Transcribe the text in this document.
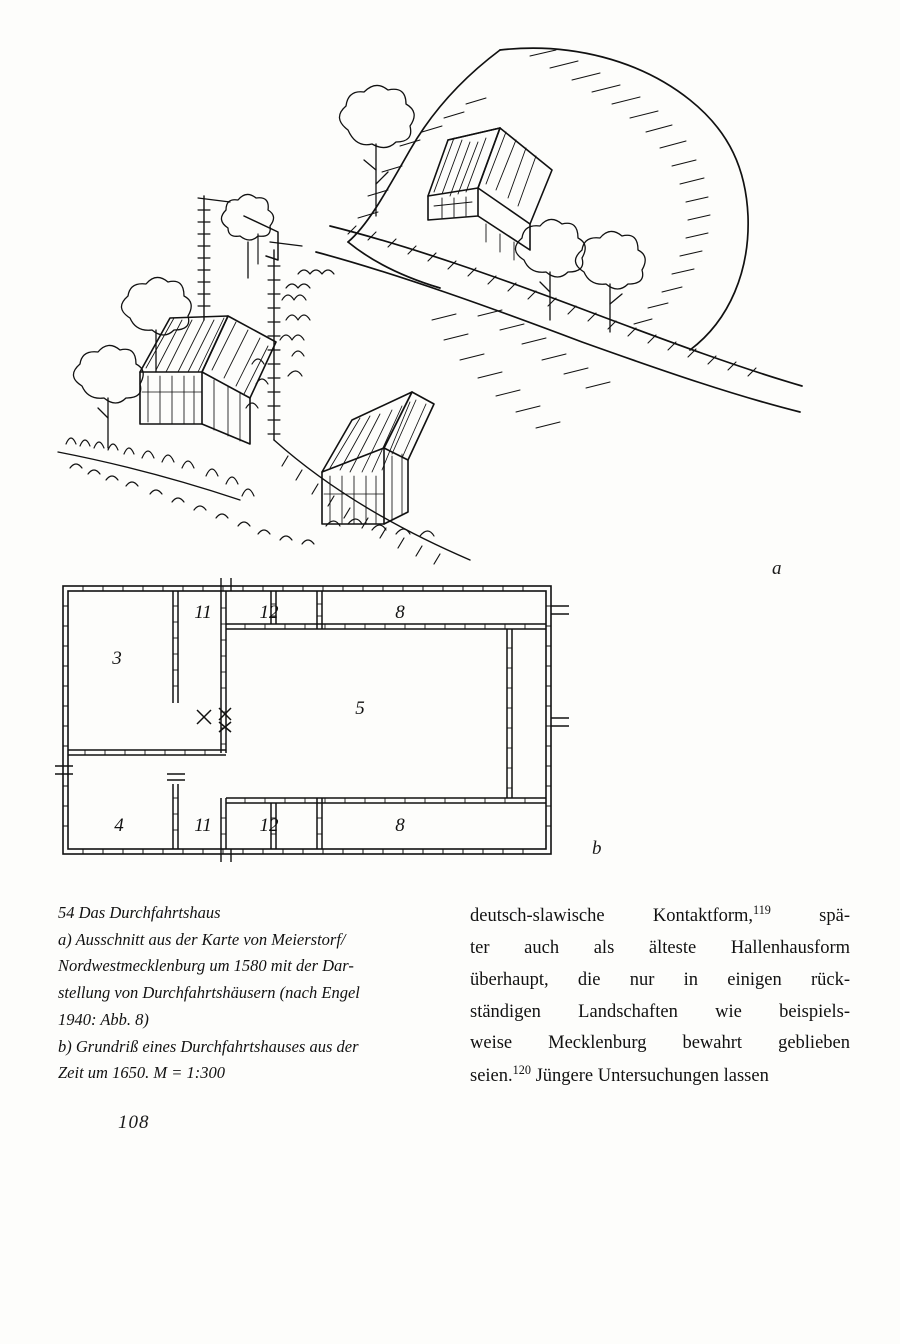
a
3
11	12	8
5
4	11	12	8
b
54 Das Durchfahrtshaus
a) Ausschnitt aus der Karte von Meierstorf/
Nordwestmecklenburg um 1580 mit der Dar-
stellung von Durchfahrtshäusern (nach Engel
1940: Abb. 8)
b) Grundriß eines Durchfahrtshauses aus der
Zeit um 1650. M = 1:300
deutsch-slawische Kontaktform,$^{119}$ spä-
ter auch als älteste Hallenhausform
überhaupt, die nur in einigen rück-
ständigen Landschaften wie beispiels-
weise Mecklenburg bewahrt geblieben
seien.$^{120}$ Jüngere Untersuchungen lassen
108
